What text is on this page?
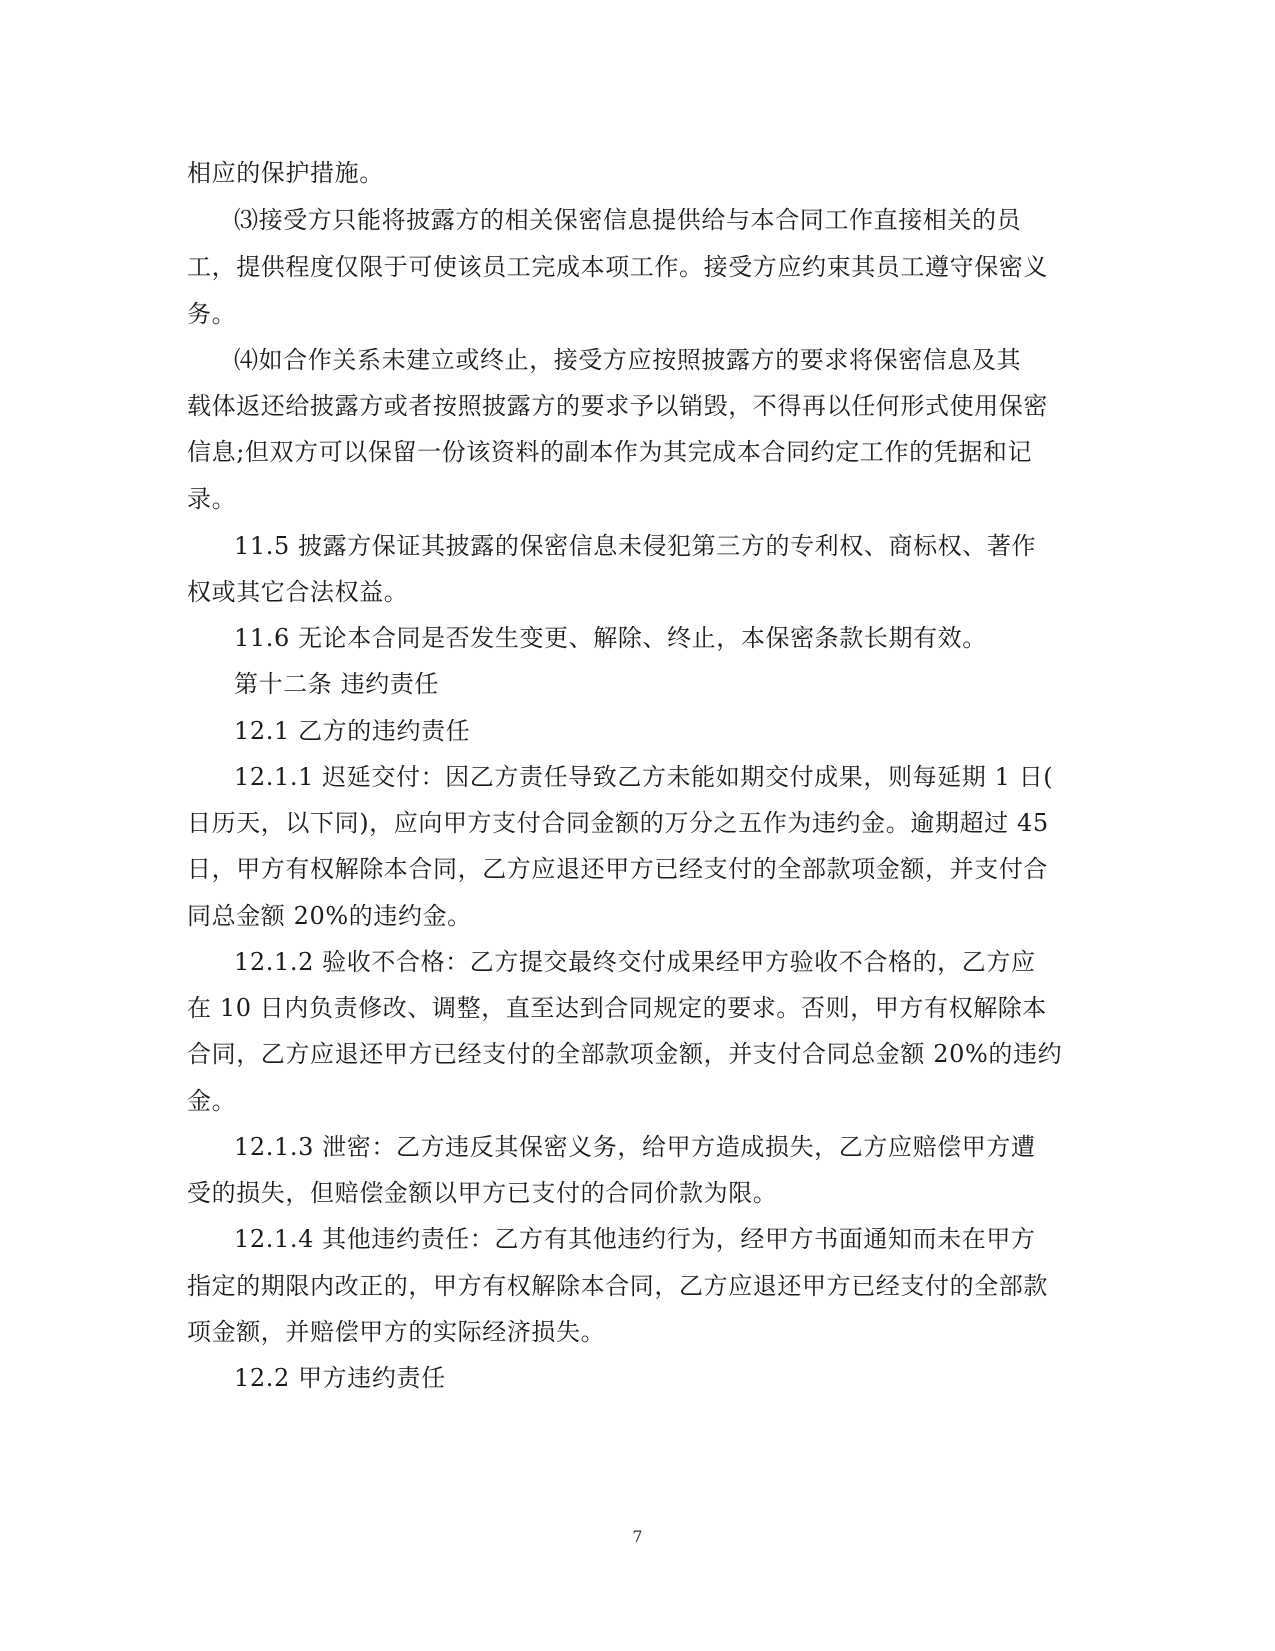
相应的保护措施。
⑶接受方只能将披露方的相关保密信息提供给与本合同工作直接相关的员
工，提供程度仅限于可使该员工完成本项工作。接受方应约束其员工遵守保密义
务。
⑷如合作关系未建立或终止，接受方应按照披露方的要求将保密信息及其
载体返还给披露方或者按照披露方的要求予以销毁，不得再以任何形式使用保密
信息;但双方可以保留一份该资料的副本作为其完成本合同约定工作的凭据和记
录。
11.5 披露方保证其披露的保密信息未侵犯第三方的专利权、商标权、著作
权或其它合法权益。
11.6 无论本合同是否发生变更、解除、终止，本保密条款长期有效。
第十二条 违约责任
12.1 乙方的违约责任
12.1.1 迟延交付：因乙方责任导致乙方未能如期交付成果，则每延期 1 日(
日历天，以下同)，应向甲方支付合同金额的万分之五作为违约金。逾期超过 45
日，甲方有权解除本合同，乙方应退还甲方已经支付的全部款项金额，并支付合
同总金额 20%的违约金。
12.1.2 验收不合格：乙方提交最终交付成果经甲方验收不合格的，乙方应
在 10 日内负责修改、调整，直至达到合同规定的要求。否则，甲方有权解除本
合同，乙方应退还甲方已经支付的全部款项金额，并支付合同总金额 20%的违约
金。
12.1.3 泄密：乙方违反其保密义务，给甲方造成损失，乙方应赔偿甲方遭
受的损失，但赔偿金额以甲方已支付的合同价款为限。
12.1.4 其他违约责任：乙方有其他违约行为，经甲方书面通知而未在甲方
指定的期限内改正的，甲方有权解除本合同，乙方应退还甲方已经支付的全部款
项金额，并赔偿甲方的实际经济损失。
12.2 甲方违约责任
7
